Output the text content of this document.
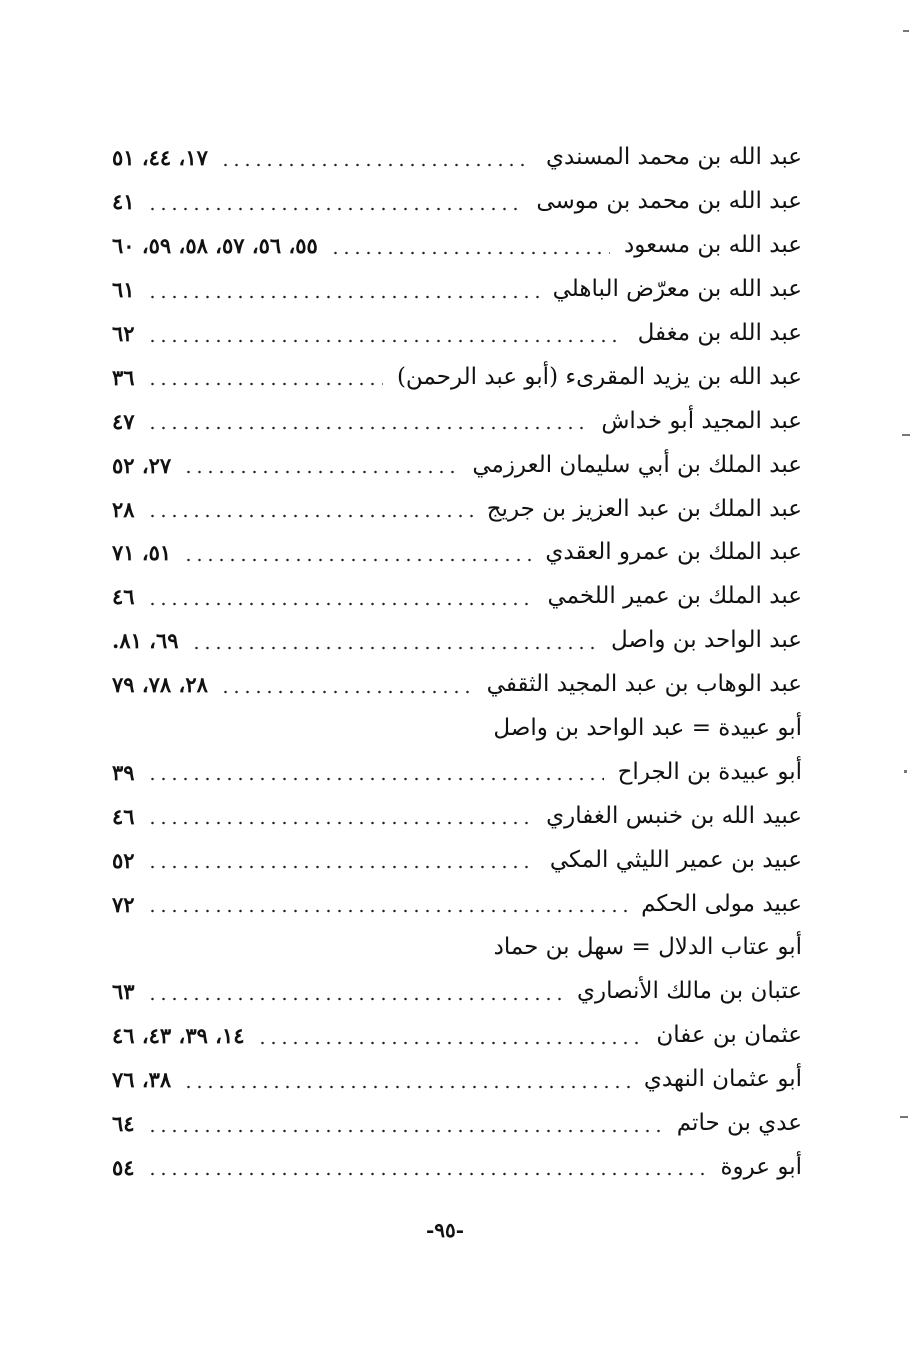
عبد الله بن محمد المسندي
١٧، ٤٤، ٥١
عبد الله بن محمد بن موسى
٤١
عبد الله بن مسعود
٥٥، ٥٦، ٥٧، ٥٨، ٥٩، ٦٠
عبد الله بن معرّض الباهلي
٦١
عبد الله بن مغفل
٦٢
عبد الله بن يزيد المقرىء (أبو عبد الرحمن)
٣٦
عبد المجيد أبو خداش
٤٧
عبد الملك بن أبي سليمان العرزمي
٢٧، ٥٢
عبد الملك بن عبد العزيز بن جريج
٢٨
عبد الملك بن عمرو العقدي
٥١، ٧١
عبد الملك بن عمير اللخمي
٤٦
عبد الواحد بن واصل
٦٩، ٨١.
عبد الوهاب بن عبد المجيد الثقفي
٢٨، ٧٨، ٧٩
أبو عبيدة = عبد الواحد بن واصل
أبو عبيدة بن الجراح
٣٩
عبيد الله بن خنبس الغفاري
٤٦
عبيد بن عمير الليثي المكي
٥٢
عبيد مولى الحكم
٧٢
أبو عتاب الدلال = سهل بن حماد
عتبان بن مالك الأنصاري
٦٣
عثمان بن عفان
١٤، ٣٩، ٤٣، ٤٦
أبو عثمان النهدي
٣٨، ٧٦
عدي بن حاتم
٦٤
أبو عروة
٥٤
-٩٥-
